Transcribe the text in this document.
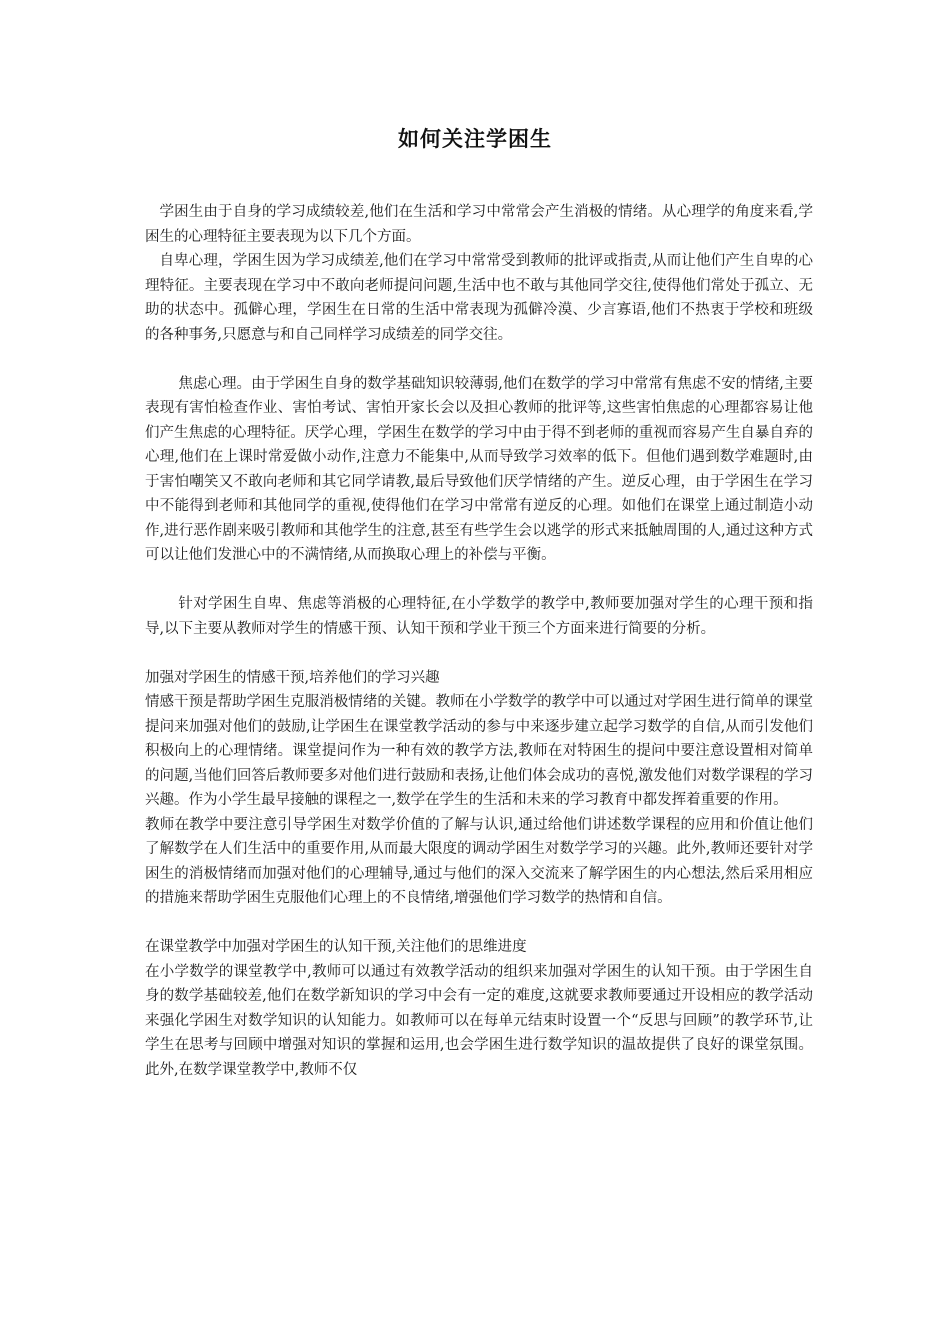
如何关注学困生

学困生由于自身的学习成绩较差,他们在生活和学习中常常会产生消极的情绪。从心理学的角度来看,学困生的心理特征主要表现为以下几个方面。

自卑心理，学困生因为学习成绩差,他们在学习中常常受到教师的批评或指责,从而让他们产生自卑的心理特征。主要表现在学习中不敢向老师提问问题,生活中也不敢与其他同学交往,使得他们常处于孤立、无助的状态中。孤僻心理，学困生在日常的生活中常表现为孤僻冷漠、少言寡语,他们不热衷于学校和班级的各种事务,只愿意与和自己同样学习成绩差的同学交往。

焦虑心理。由于学困生自身的数学基础知识较薄弱,他们在数学的学习中常常有焦虑不安的情绪,主要表现有害怕检查作业、害怕考试、害怕开家长会以及担心教师的批评等,这些害怕焦虑的心理都容易让他们产生焦虑的心理特征。厌学心理，学困生在数学的学习中由于得不到老师的重视而容易产生自暴自弃的心理,他们在上课时常爱做小动作,注意力不能集中,从而导致学习效率的低下。但他们遇到数学难题时,由于害怕嘲笑又不敢向老师和其它同学请教,最后导致他们厌学情绪的产生。逆反心理，由于学困生在学习中不能得到老师和其他同学的重视,使得他们在学习中常常有逆反的心理。如他们在课堂上通过制造小动作,进行恶作剧来吸引教师和其他学生的注意,甚至有些学生会以逃学的形式来抵触周围的人,通过这种方式可以让他们发泄心中的不满情绪,从而换取心理上的补偿与平衡。

针对学困生自卑、焦虑等消极的心理特征,在小学数学的教学中,教师要加强对学生的心理干预和指导,以下主要从教师对学生的情感干预、认知干预和学业干预三个方面来进行简要的分析。

加强对学困生的情感干预,培养他们的学习兴趣

情感干预是帮助学困生克服消极情绪的关键。教师在小学数学的教学中可以通过对学困生进行简单的课堂提问来加强对他们的鼓励,让学困生在课堂教学活动的参与中来逐步建立起学习数学的自信,从而引发他们积极向上的心理情绪。课堂提问作为一种有效的教学方法,教师在对特困生的提问中要注意设置相对简单的问题,当他们回答后教师要多对他们进行鼓励和表扬,让他们体会成功的喜悦,激发他们对数学课程的学习兴趣。作为小学生最早接触的课程之一,数学在学生的生活和未来的学习教育中都发挥着重要的作用。

教师在教学中要注意引导学困生对数学价值的了解与认识,通过给他们讲述数学课程的应用和价值让他们了解数学在人们生活中的重要作用,从而最大限度的调动学困生对数学学习的兴趣。此外,教师还要针对学困生的消极情绪而加强对他们的心理辅导,通过与他们的深入交流来了解学困生的内心想法,然后采用相应的措施来帮助学困生克服他们心理上的不良情绪,增强他们学习数学的热情和自信。

在课堂教学中加强对学困生的认知干预,关注他们的思维进度

在小学数学的课堂教学中,教师可以通过有效教学活动的组织来加强对学困生的认知干预。由于学困生自身的数学基础较差,他们在数学新知识的学习中会有一定的难度,这就要求教师要通过开设相应的教学活动来强化学困生对数学知识的认知能力。如教师可以在每单元结束时设置一个“反思与回顾”的教学环节,让学生在思考与回顾中增强对知识的掌握和运用,也会学困生进行数学知识的温故提供了良好的课堂氛围。此外,在数学课堂教学中,教师不仅
